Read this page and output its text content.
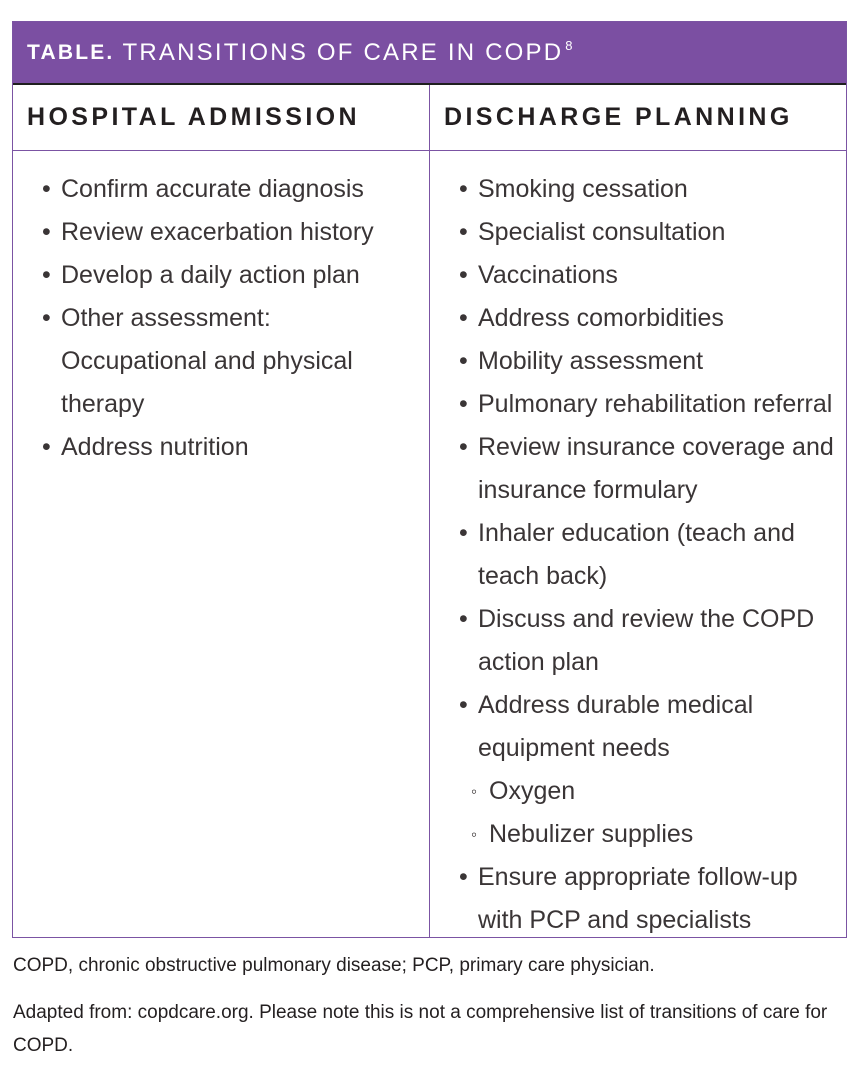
TABLE. TRANSITIONS OF CARE IN COPD $^8$
HOSPITAL ADMISSION	DISCHARGE PLANNING
• Confirm accurate diagnosis
• Review exacerbation history
• Develop a daily action plan
• Other assessment: Occupational and physical therapy
• Address nutrition
• Smoking cessation
• Specialist consultation
• Vaccinations
• Address comorbidities
• Mobility assessment
• Pulmonary rehabilitation referral
• Review insurance coverage and insurance formulary
• Inhaler education (teach and teach back)
• Discuss and review the COPD action plan
• Address durable medical equipment needs
◦ Oxygen
◦ Nebulizer supplies
• Ensure appropriate follow-up with PCP and specialists
COPD, chronic obstructive pulmonary disease; PCP, primary care physician.
Adapted from: copdcare.org. Please note this is not a comprehensive list of transitions of care for COPD.
